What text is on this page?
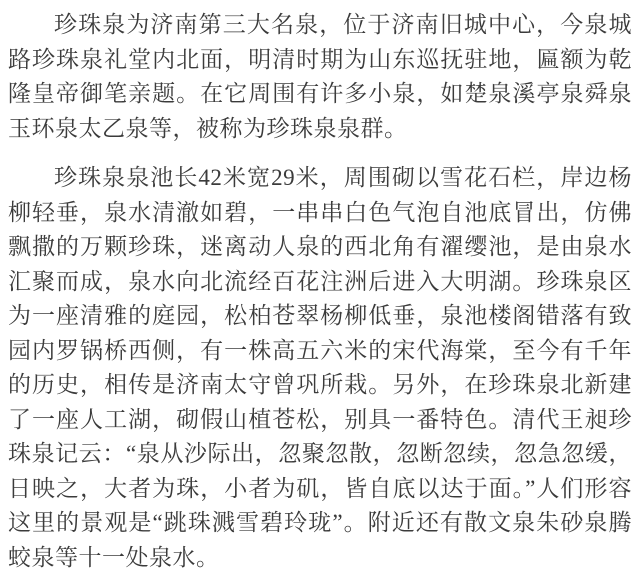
珍珠泉为济南第三大名泉，位于济南旧城中心，今泉城路珍珠泉礼堂内北面，明清时期为山东巡抚驻地，匾额为乾隆皇帝御笔亲题。在它周围有许多小泉，如楚泉溪亭泉舜泉玉环泉太乙泉等，被称为珍珠泉泉群。

珍珠泉泉池长42米宽29米，周围砌以雪花石栏，岸边杨柳轻垂，泉水清澈如碧，一串串白色气泡自池底冒出，仿佛飘撒的万颗珍珠，迷离动人泉的西北角有濯缨池，是由泉水汇聚而成，泉水向北流经百花注洲后进入大明湖。珍珠泉区为一座清雅的庭园，松柏苍翠杨柳低垂，泉池楼阁错落有致园内罗锅桥西侧，有一株高五六米的宋代海棠，至今有千年的历史，相传是济南太守曾巩所栽。另外，在珍珠泉北新建了一座人工湖，砌假山植苍松，别具一番特色。清代王昶珍珠泉记云：“泉从沙际出，忽聚忽散，忽断忽续，忽急忽缓，日映之，大者为珠，小者为矶，皆自底以达于面。”人们形容这里的景观是“跳珠溅雪碧玲珑”。附近还有散文泉朱砂泉腾蛟泉等十一处泉水。
